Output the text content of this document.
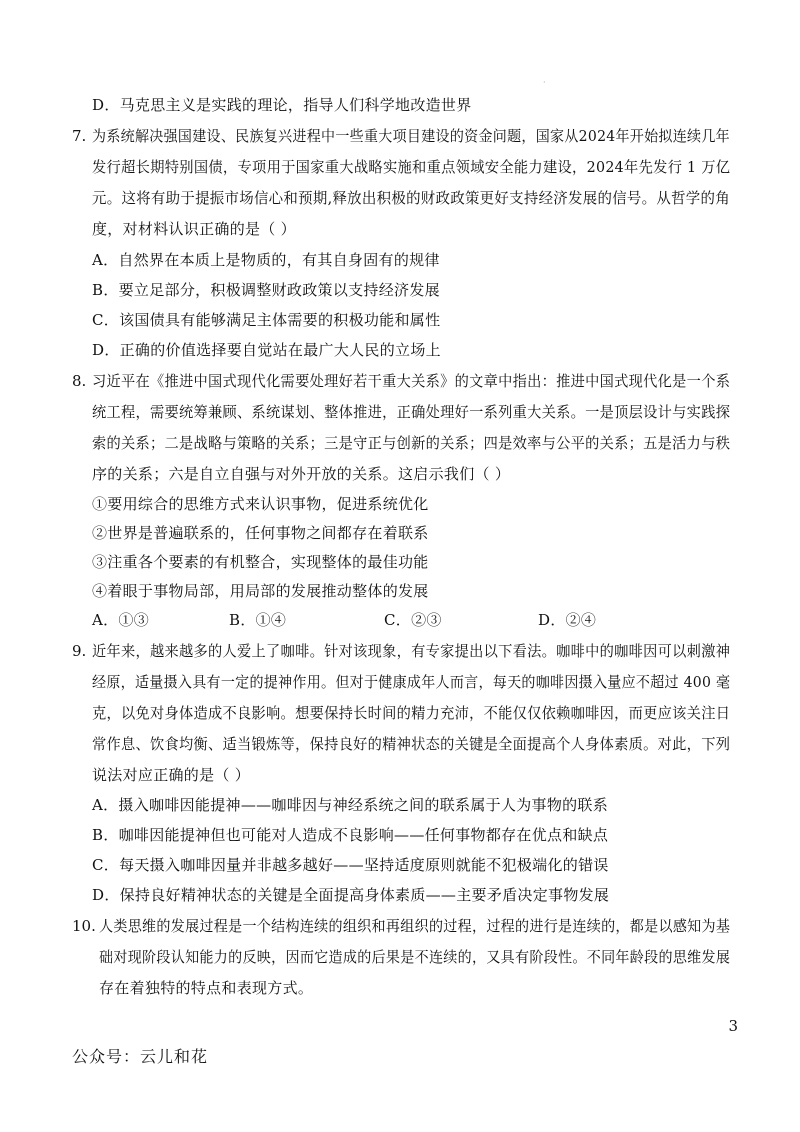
·
D．马克思主义是实践的理论，指导人们科学地改造世界
7. 为系统解决强国建设、民族复兴进程中一些重大项目建设的资金问题，国家从2024年开始拟连续几年
发行超长期特别国债，专项用于国家重大战略实施和重点领域安全能力建设，2024年先发行 1 万亿
元。这将有助于提振市场信心和预期,释放出积极的财政政策更好支持经济发展的信号。从哲学的角
度，对材料认识正确的是（ ）
A．自然界在本质上是物质的，有其自身固有的规律
B．要立足部分，积极调整财政政策以支持经济发展
C．该国债具有能够满足主体需要的积极功能和属性
D．正确的价值选择要自觉站在最广大人民的立场上
8. 习近平在《推进中国式现代化需要处理好若干重大关系》的文章中指出：推进中国式现代化是一个系
统工程，需要统筹兼顾、系统谋划、整体推进，正确处理好一系列重大关系。一是顶层设计与实践探
索的关系；二是战略与策略的关系；三是守正与创新的关系；四是效率与公平的关系；五是活力与秩
序的关系；六是自立自强与对外开放的关系。这启示我们（ ）
①要用综合的思维方式来认识事物，促进系统优化
②世界是普遍联系的，任何事物之间都存在着联系
③注重各个要素的有机整合，实现整体的最佳功能
④着眼于事物局部，用局部的发展推动整体的发展
A．①③	B．①④	C．②③	D．②④
9. 近年来，越来越多的人爱上了咖啡。针对该现象，有专家提出以下看法。咖啡中的咖啡因可以刺激神
经原，适量摄入具有一定的提神作用。但对于健康成年人而言，每天的咖啡因摄入量应不超过 400 毫
克，以免对身体造成不良影响。想要保持长时间的精力充沛，不能仅仅依赖咖啡因，而更应该关注日
常作息、饮食均衡、适当锻炼等，保持良好的精神状态的关键是全面提高个人身体素质。对此，下列
说法对应正确的是（ ）
A．摄入咖啡因能提神——咖啡因与神经系统之间的联系属于人为事物的联系
B．咖啡因能提神但也可能对人造成不良影响——任何事物都存在优点和缺点
C．每天摄入咖啡因量并非越多越好——坚持适度原则就能不犯极端化的错误
D．保持良好精神状态的关键是全面提高身体素质——主要矛盾决定事物发展
10. 人类思维的发展过程是一个结构连续的组织和再组织的过程，过程的进行是连续的，都是以感知为基
础对现阶段认知能力的反映，因而它造成的后果是不连续的，又具有阶段性。不同年龄段的思维发展
存在着独特的特点和表现方式。
3
公众号：云儿和花
